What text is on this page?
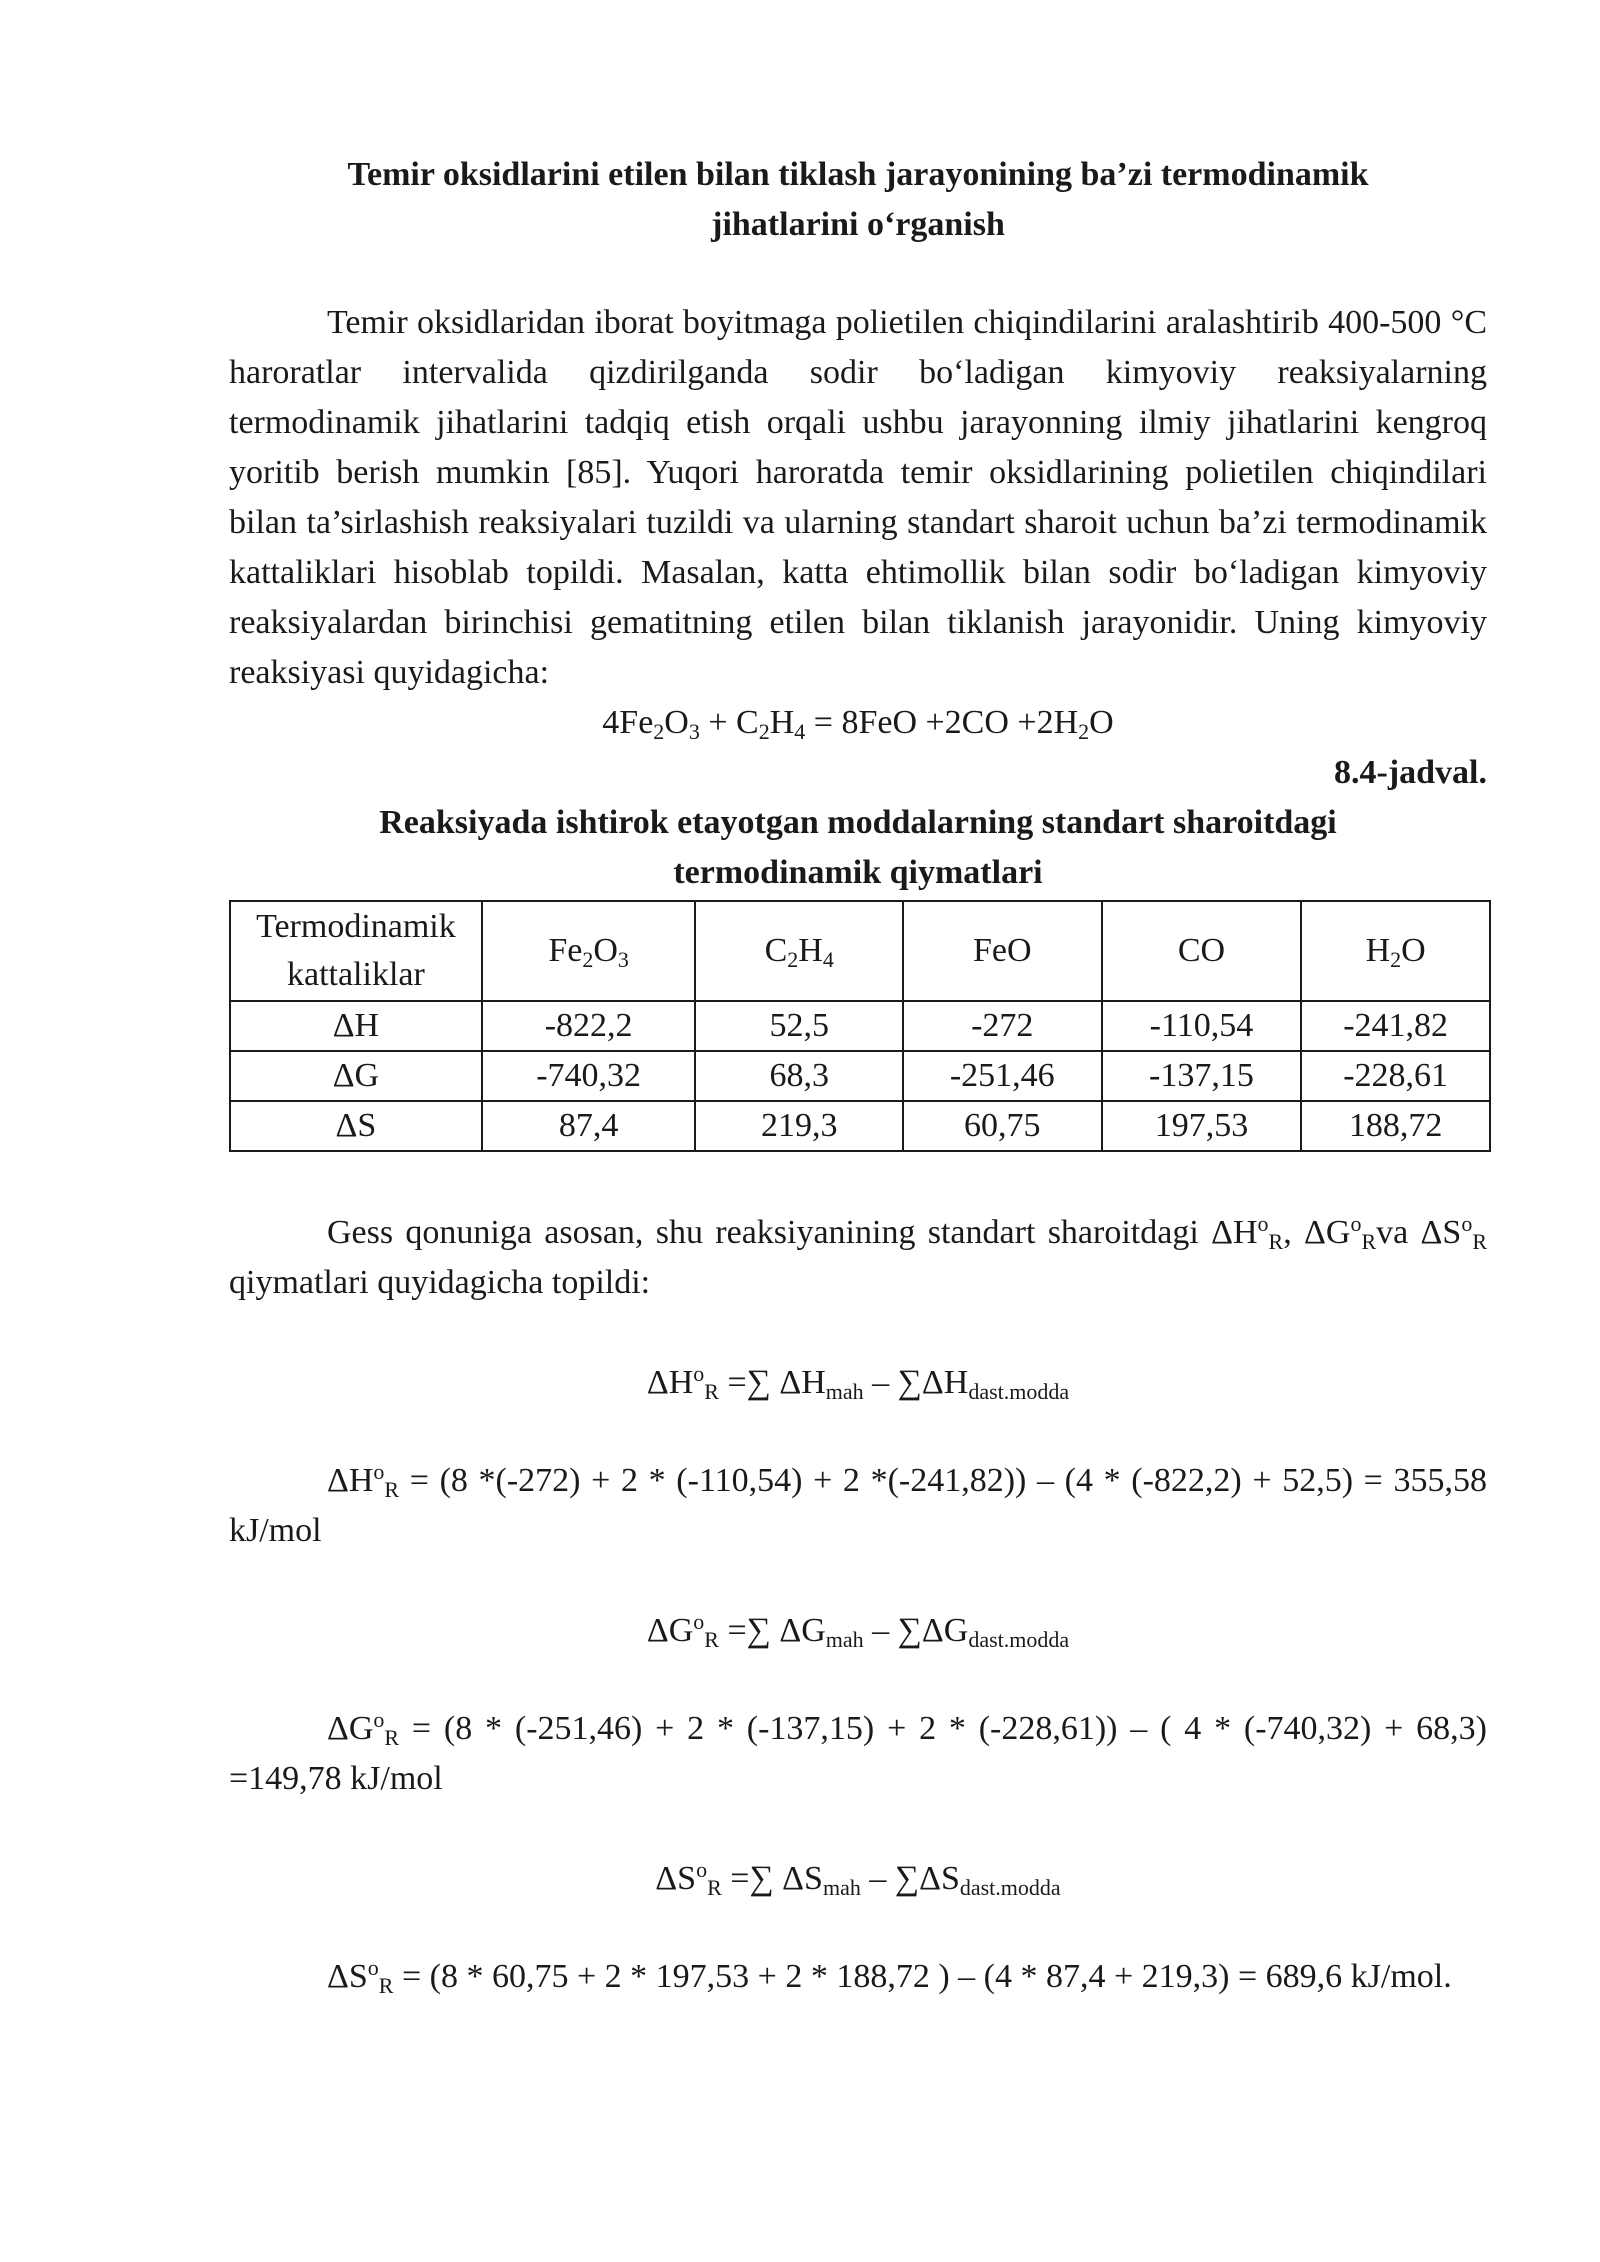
Temir oksidlarini etilen bilan tiklash jarayonining ba’zi termodinamik
jihatlarini o‘rganish

Temir oksidlaridan iborat boyitmaga polietilen chiqindilarini aralashtirib 400-500 °C haroratlar intervalida qizdirilganda sodir bo‘ladigan kimyoviy reaksiyalarning termodinamik jihatlarini tadqiq etish orqali ushbu jarayonning ilmiy jihatlarini kengroq yoritib berish mumkin [85]. Yuqori haroratda temir oksidlarining polietilen chiqindilari bilan ta’sirlashish reaksiyalari tuzildi va ularning standart sharoit uchun ba’zi termodinamik kattaliklari hisoblab topildi. Masalan, katta ehtimollik bilan sodir bo‘ladigan kimyoviy reaksiyalardan birinchisi gematitning etilen bilan tiklanish jarayonidir. Uning kimyoviy reaksiyasi quyidagicha:

$4Fe_2O_3 + C_2H_4 = 8FeO +2CO +2H_2O$
8.4-jadval.
Reaksiyada ishtirok etayotgan moddalarning standart sharoitdagi
termodinamik qiymatlari
Termodinamik
kattaliklar	$Fe_2O_3$	$C_2H_4$	FeO	CO	$H_2O$
ΔH	-822,2	52,5	-272	-110,54	-241,82
ΔG	-740,32	68,3	-251,46	-137,15	-228,61
ΔS	87,4	219,3	60,75	197,53	188,72

Gess qonuniga asosan, shu reaksiyanining standart sharoitdagi $\Delta H^o_R$, $\Delta G^o_Rva$ $\Delta S^o_R$ qiymatlari quyidagicha topildi:

$\Delta H^o_R$ =∑ $\Delta H_{mah} - \sum\Delta H_{dast.modda}$

$\Delta H^o_R = (8$ *(-272) + 2 * (-110,54) + 2 *(-241,82)) – (4 * (-822,2) + 52,5) = 355,58 kJ/mol

$\Delta G^o_R$ =∑ $\Delta G_{mah} - \sum\Delta G_{dast.modda}$

$\Delta G^o_R = (8 * (-251,46) + 2 * (-137,15) + 2 * (-228,61))$ – ( 4 * (-740,32) + 68,3) =149,78 kJ/mol

$\Delta S^o_R$ =∑ $\Delta S_{mah} - \sum\Delta S_{dast.modda}$

$\Delta S^o_R = (8 * 60,75 + 2 * 197,53 + 2 * 188,72$ ) – (4 * 87,4 + 219,3) = 689,6 kJ/mol.
